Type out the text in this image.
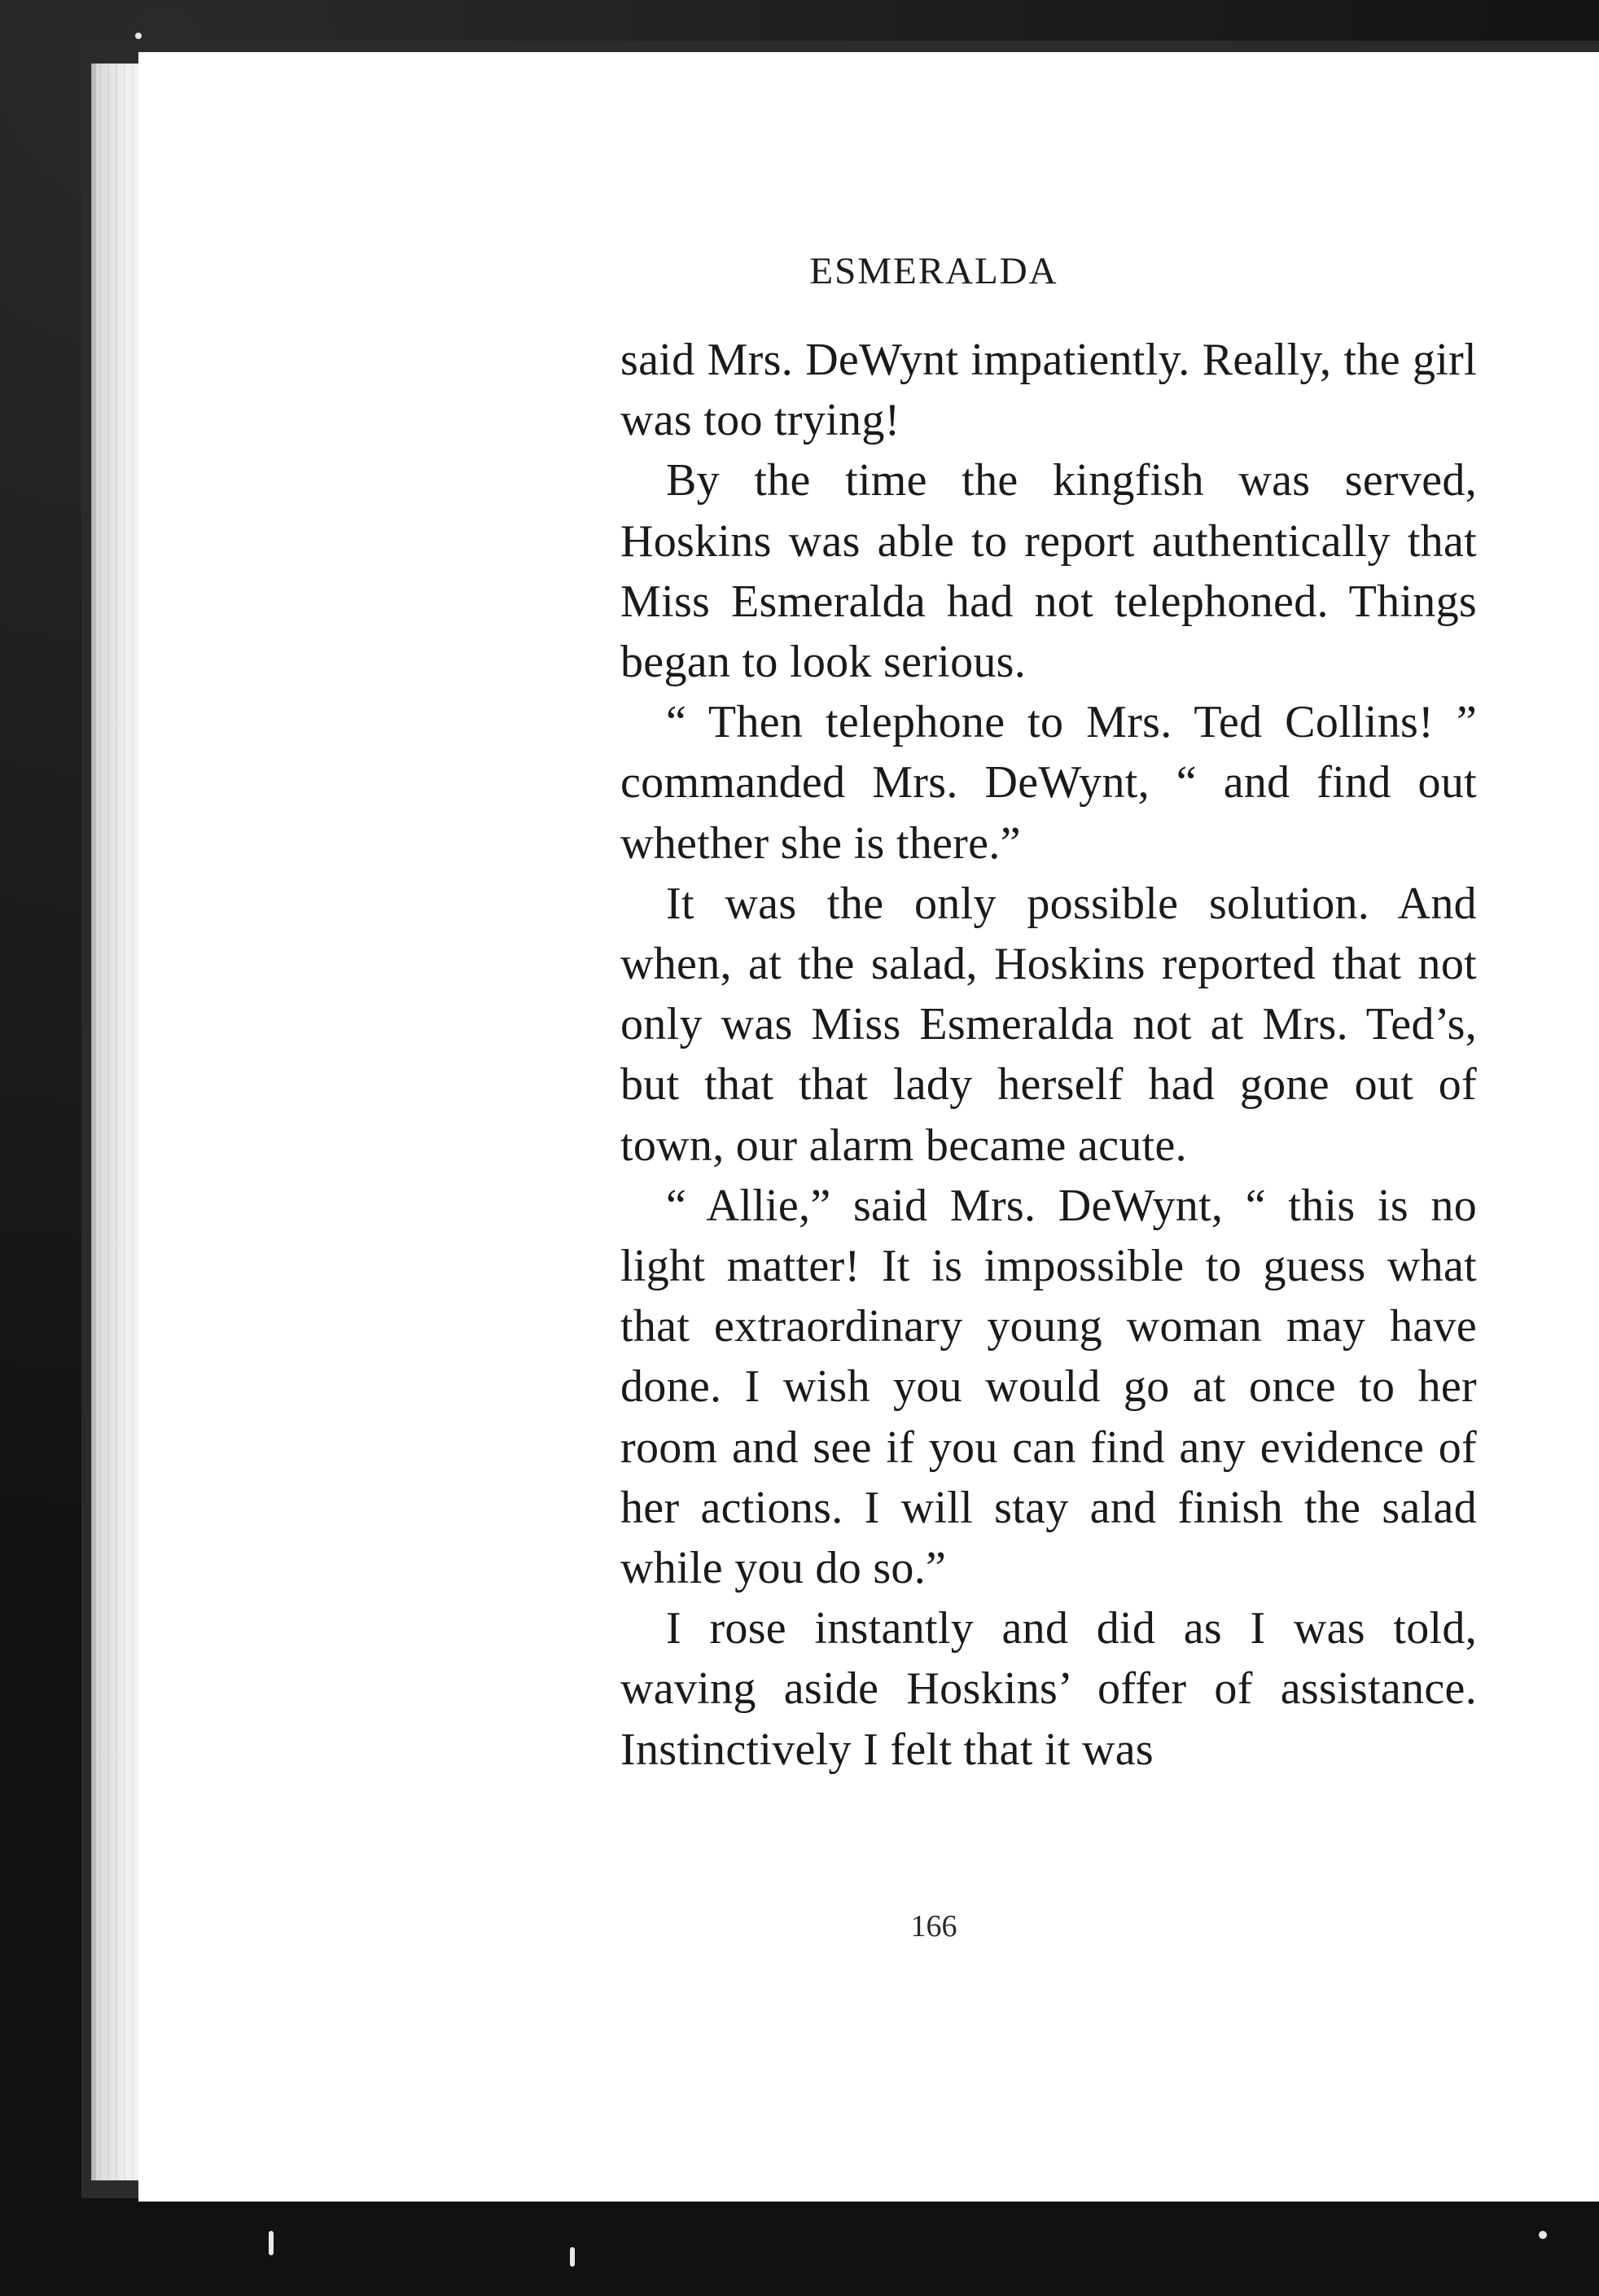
ESMERALDA

said Mrs. DeWynt impatiently. Really, the girl was too trying!

By the time the kingfish was served, Hoskins was able to report authentically that Miss Esmeralda had not telephoned. Things began to look serious.

“ Then telephone to Mrs. Ted Collins! ” commanded Mrs. DeWynt, “ and find out whether she is there.”

It was the only possible solution. And when, at the salad, Hoskins reported that not only was Miss Esmeralda not at Mrs. Ted’s, but that that lady herself had gone out of town, our alarm became acute.

“ Allie,” said Mrs. DeWynt, “ this is no light matter! It is impossible to guess what that extraordinary young woman may have done. I wish you would go at once to her room and see if you can find any evidence of her actions. I will stay and finish the salad while you do so.”

I rose instantly and did as I was told, waving aside Hoskins’ offer of assistance. Instinctively I felt that it was

166
